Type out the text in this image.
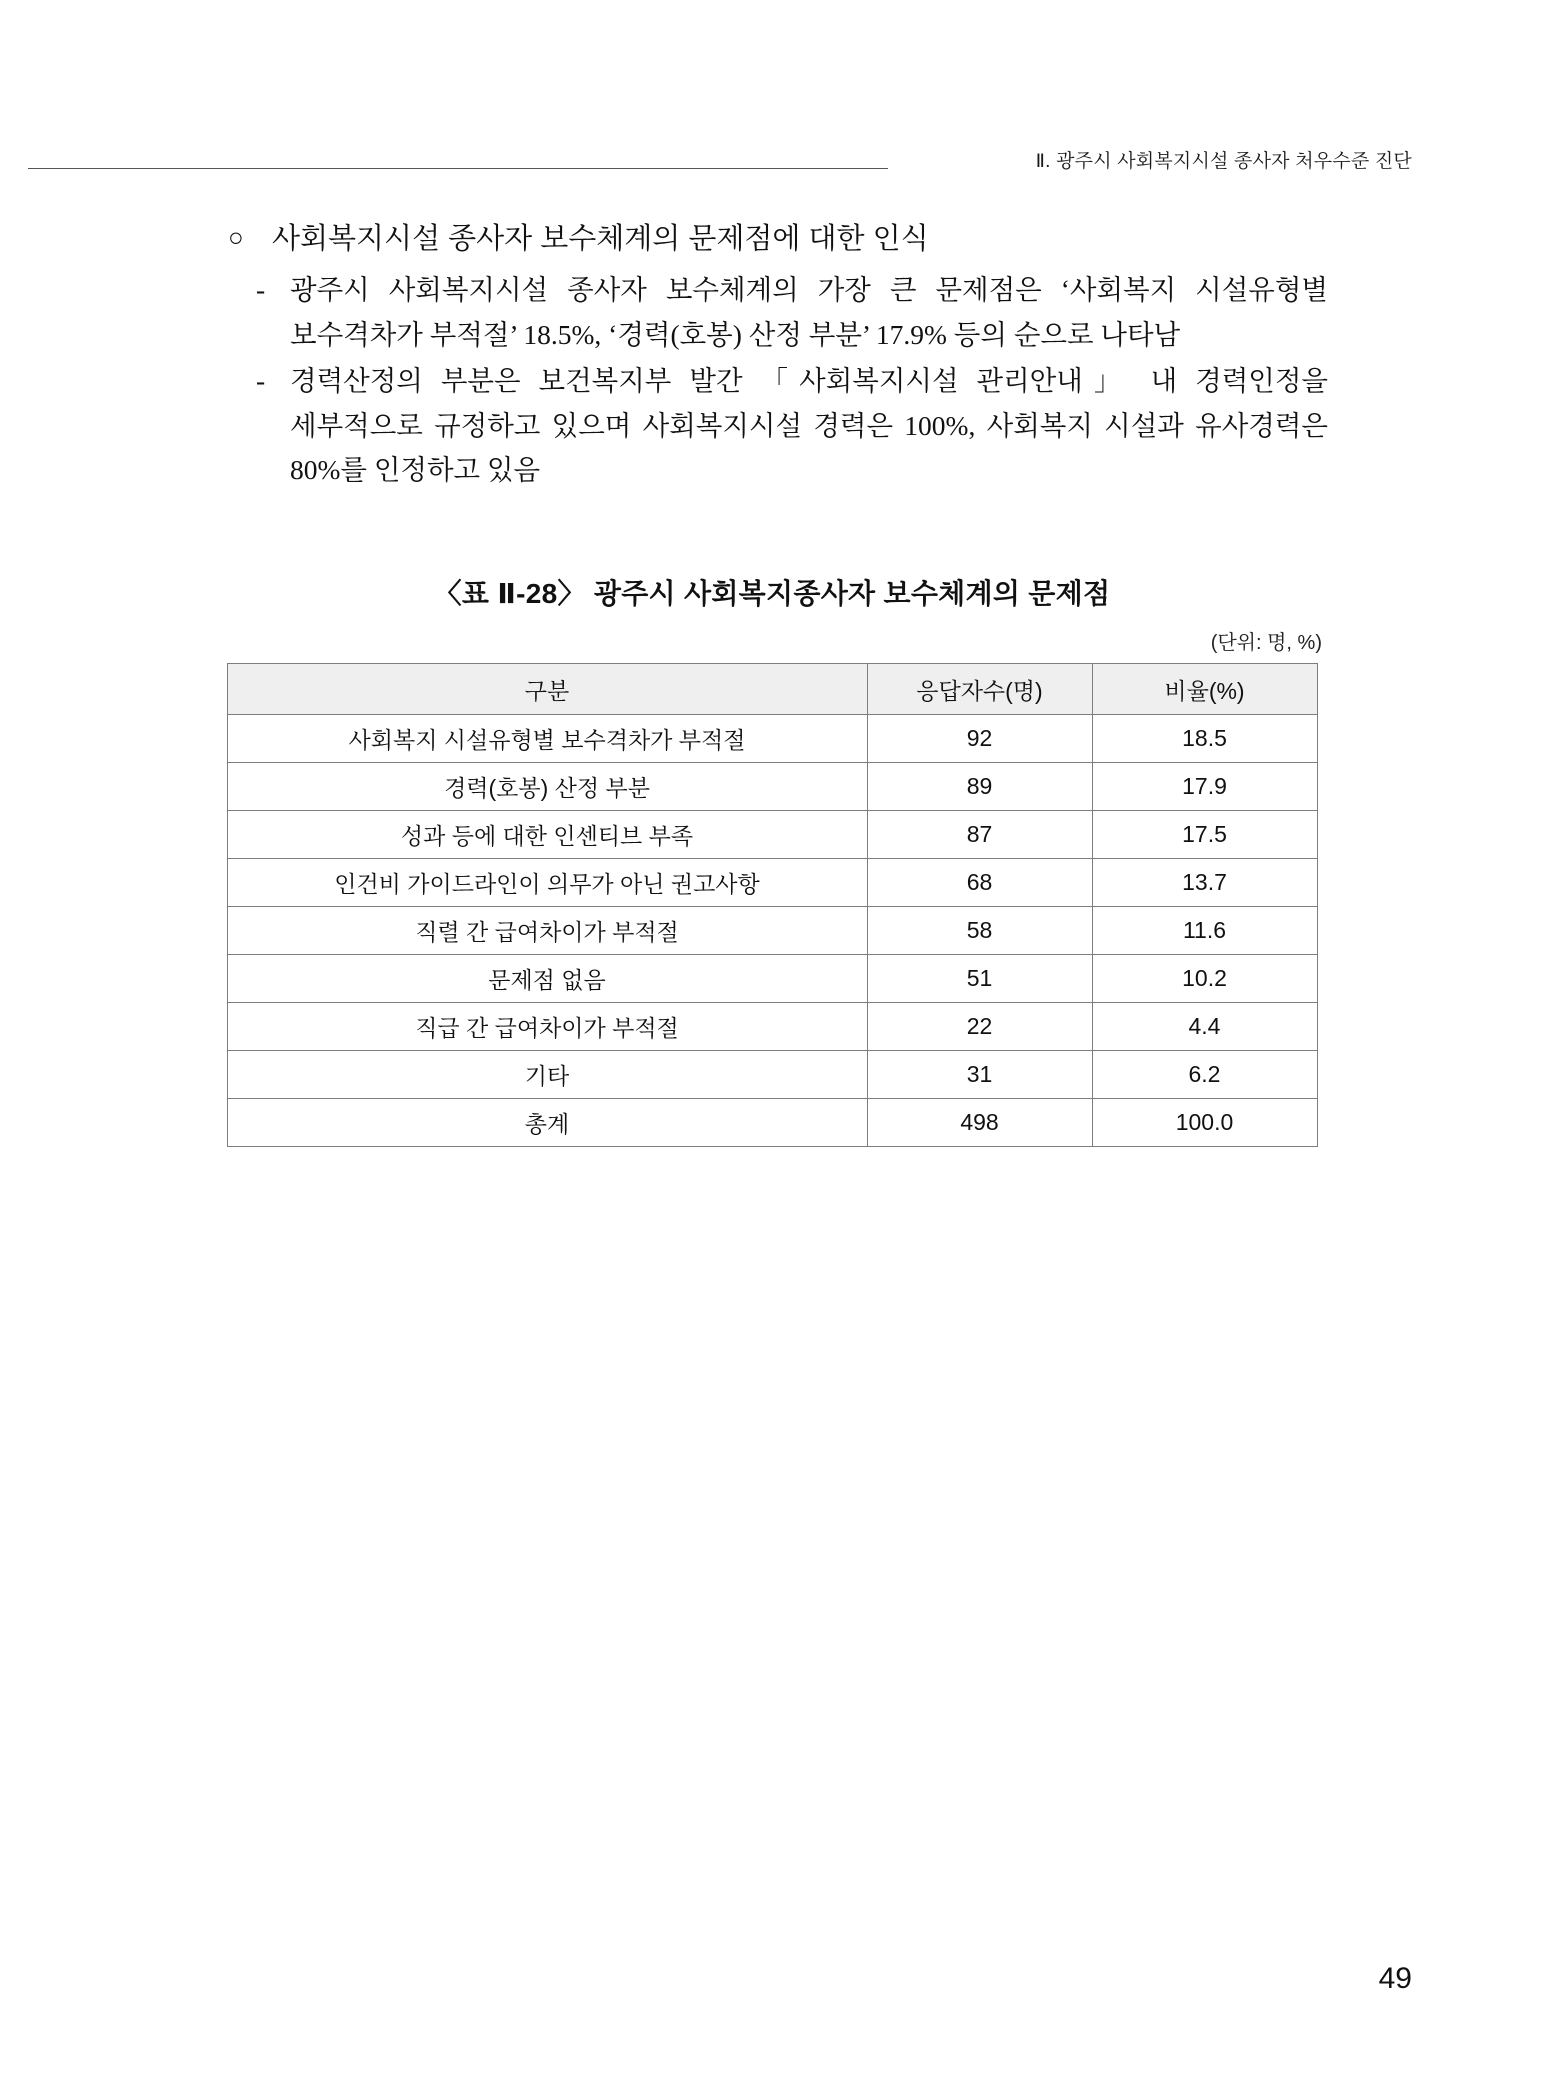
Ⅱ. 광주시 사회복지시설 종사자 처우수준 진단
○ 사회복지시설 종사자 보수체계의 문제점에 대한 인식
- 광주시 사회복지시설 종사자 보수체계의 가장 큰 문제점은 ‘사회복지 시설유형별 보수격차가 부적절’ 18.5%, ‘경력(호봉) 산정 부분’ 17.9% 등의 순으로 나타남
- 경력산정의 부분은 보건복지부 발간 「사회복지시설 관리안내」 내 경력인정을 세부적으로 규정하고 있으며 사회복지시설 경력은 100%, 사회복지 시설과 유사경력은 80%를 인정하고 있음
〈표 Ⅱ-28〉 광주시 사회복지종사자 보수체계의 문제점
(단위: 명, %)
구분	응답자수(명)	비율(%)
사회복지 시설유형별 보수격차가 부적절	92	18.5
경력(호봉) 산정 부분	89	17.9
성과 등에 대한 인센티브 부족	87	17.5
인건비 가이드라인이 의무가 아닌 권고사항	68	13.7
직렬 간 급여차이가 부적절	58	11.6
문제점 없음	51	10.2
직급 간 급여차이가 부적절	22	4.4
기타	31	6.2
총계	498	100.0
49
